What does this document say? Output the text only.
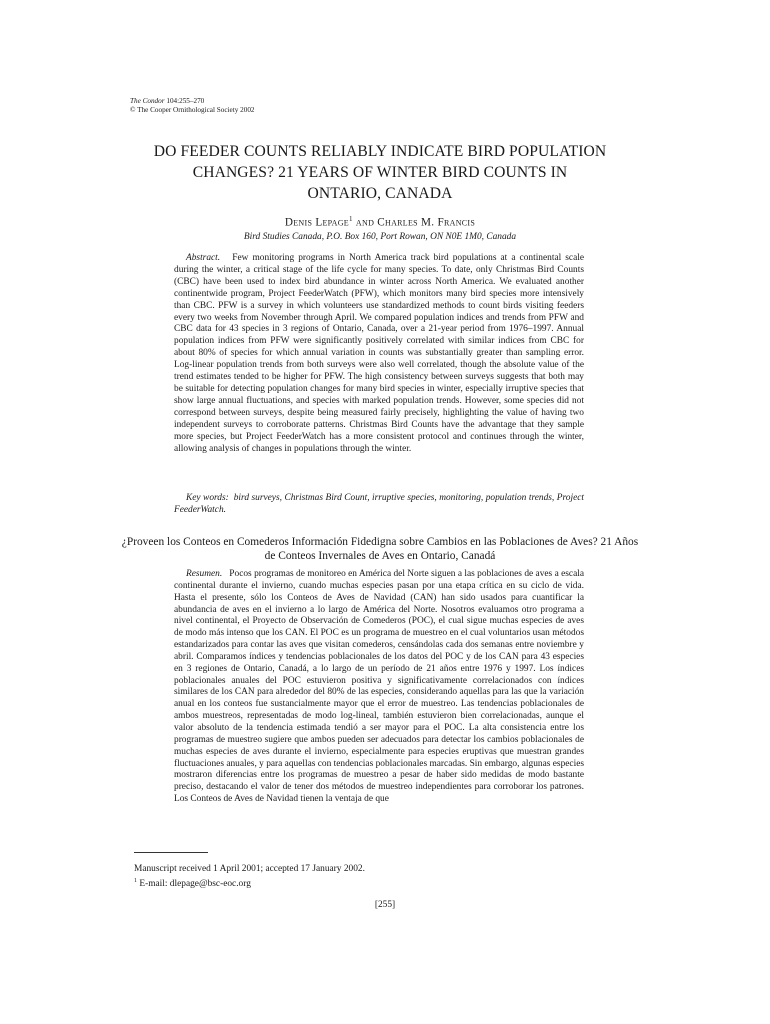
The Condor 104:255–270
© The Cooper Ornithological Society 2002
DO FEEDER COUNTS RELIABLY INDICATE BIRD POPULATION
CHANGES? 21 YEARS OF WINTER BIRD COUNTS IN
ONTARIO, CANADA
Denis Lepage$^1$ and Charles M. Francis
Bird Studies Canada, P.O. Box 160, Port Rowan, ON N0E 1M0, Canada

Abstract. Few monitoring programs in North America track bird populations at a continental scale during the winter, a critical stage of the life cycle for many species. To date, only Christmas Bird Counts (CBC) have been used to index bird abundance in winter across North America. We evaluated another continentwide program, Project FeederWatch (PFW), which monitors many bird species more intensively than CBC. PFW is a survey in which volunteers use standardized methods to count birds visiting feeders every two weeks from November through April. We compared population indices and trends from PFW and CBC data for 43 species in 3 regions of Ontario, Canada, over a 21-year period from 1976–1997. Annual population indices from PFW were significantly positively correlated with similar indices from CBC for about 80% of species for which annual variation in counts was substantially greater than sampling error. Log-linear population trends from both surveys were also well correlated, though the absolute value of the trend estimates tended to be higher for PFW. The high consistency between surveys suggests that both may be suitable for detecting population changes for many bird species in winter, especially irruptive species that show large annual fluctuations, and species with marked population trends. However, some species did not correspond between surveys, despite being measured fairly precisely, highlighting the value of having two independent surveys to corroborate patterns. Christmas Bird Counts have the advantage that they sample more species, but Project FeederWatch has a more consistent protocol and continues through the winter, allowing analysis of changes in populations through the winter.

Key words: bird surveys, Christmas Bird Count, irruptive species, monitoring, population trends, Project FeederWatch.
¿Proveen los Conteos en Comederos Información Fidedigna sobre Cambios en las Poblaciones de Aves? 21 Años de Conteos Invernales de Aves en Ontario, Canadá
Resumen. Pocos programas de monitoreo en América del Norte siguen a las poblaciones de aves a escala continental durante el invierno, cuando muchas especies pasan por una etapa crítica en su ciclo de vida. Hasta el presente, sólo los Conteos de Aves de Navidad (CAN) han sido usados para cuantificar la abundancia de aves en el invierno a lo largo de América del Norte. Nosotros evaluamos otro programa a nivel continental, el Proyecto de Observación de Comederos (POC), el cual sigue muchas especies de aves de modo más intenso que los CAN. El POC es un programa de muestreo en el cual voluntarios usan métodos estandarizados para contar las aves que visitan comederos, censándolas cada dos semanas entre noviembre y abril. Comparamos índices y tendencias poblacionales de los datos del POC y de los CAN para 43 especies en 3 regiones de Ontario, Canadá, a lo largo de un período de 21 años entre 1976 y 1997. Los índices poblacionales anuales del POC estuvieron positiva y significativamente correlacionados con índices similares de los CAN para alrededor del 80% de las especies, considerando aquellas para las que la variación anual en los conteos fue sustancialmente mayor que el error de muestreo. Las tendencias poblacionales de ambos muestreos, representadas de modo log-lineal, también estuvieron bien correlacionadas, aunque el valor absoluto de la tendencia estimada tendió a ser mayor para el POC. La alta consistencia entre los programas de muestreo sugiere que ambos pueden ser adecuados para detectar los cambios poblacionales de muchas especies de aves durante el invierno, especialmente para especies eruptivas que muestran grandes fluctuaciones anuales, y para aquellas con tendencias poblacionales marcadas. Sin embargo, algunas especies mostraron diferencias entre los programas de muestreo a pesar de haber sido medidas de modo bastante preciso, destacando el valor de tener dos métodos de muestreo independientes para corroborar los patrones. Los Conteos de Aves de Navidad tienen la ventaja de que
Manuscript received 1 April 2001; accepted 17 January 2002.
$^1$ E-mail: dlepage@bsc-eoc.org
[255]
